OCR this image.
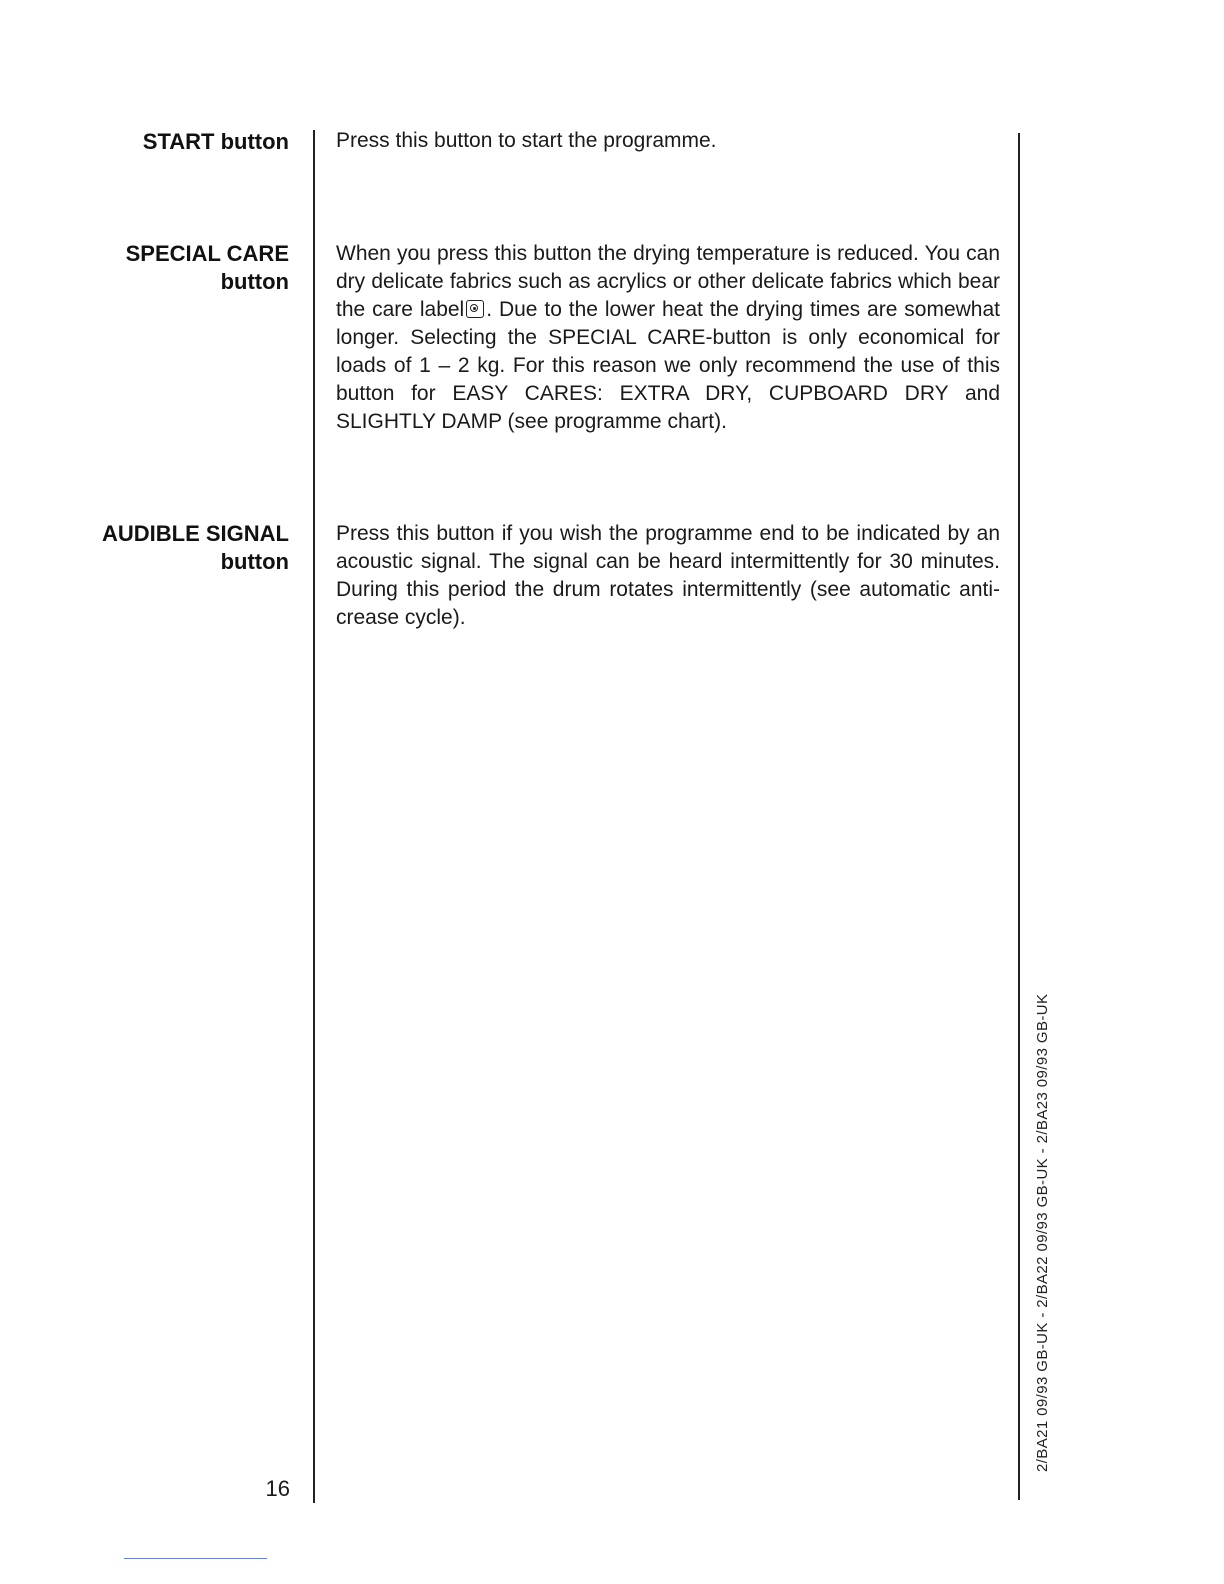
START button Press this button to start the programme.
SPECIAL CARE
button
When you press this button the drying temperature is reduced. You can dry delicate fabrics such as acrylics or other delicate fabrics which bear the care label . Due to the lower heat the drying times are somewhat longer. Selecting the SPECIAL CARE-button is only economical for loads of 1 – 2 kg. For this reason we only recommend the use of this button for EASY CARES: EXTRA DRY, CUPBOARD DRY and SLIGHTLY DAMP (see programme chart).
AUDIBLE SIGNAL
button
Press this button if you wish the programme end to be indicated by an acoustic signal. The signal can be heard intermittently for 30 minutes. During this period the drum rotates intermittently (see automatic anti-crease cycle).
16
2/BA21 09/93 GB-UK - 2/BA22 09/93 GB-UK - 2/BA23 09/93 GB-UK
